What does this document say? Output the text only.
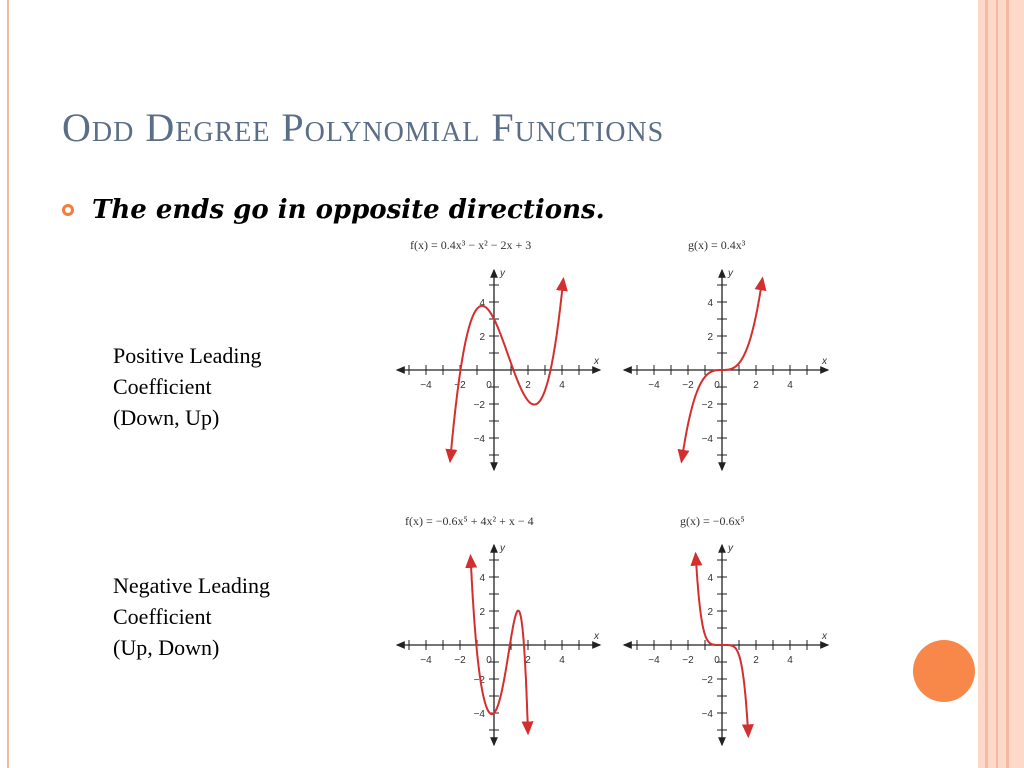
Odd Degree Polynomial Functions
The ends go in opposite directions.
Positive Leading
Coefficient
(Down, Up)
Negative Leading
Coefficient
(Up, Down)
f(x) = 0.4x³ − x² − 2x + 3	g(x) = 0.4x³
f(x) = −0.6x⁵ + 4x² + x − 4	g(x) = −0.6x⁵
−4 −2 0	2	4
4
2
−2
−4
x
y
−4 −2 0	2	4
4
2
−2
−4
x
y
−4 −2 0	2	4
4
2
−2
−4
x
y
−4 −2 0	2	4
4
2
−2
−4
x
y
